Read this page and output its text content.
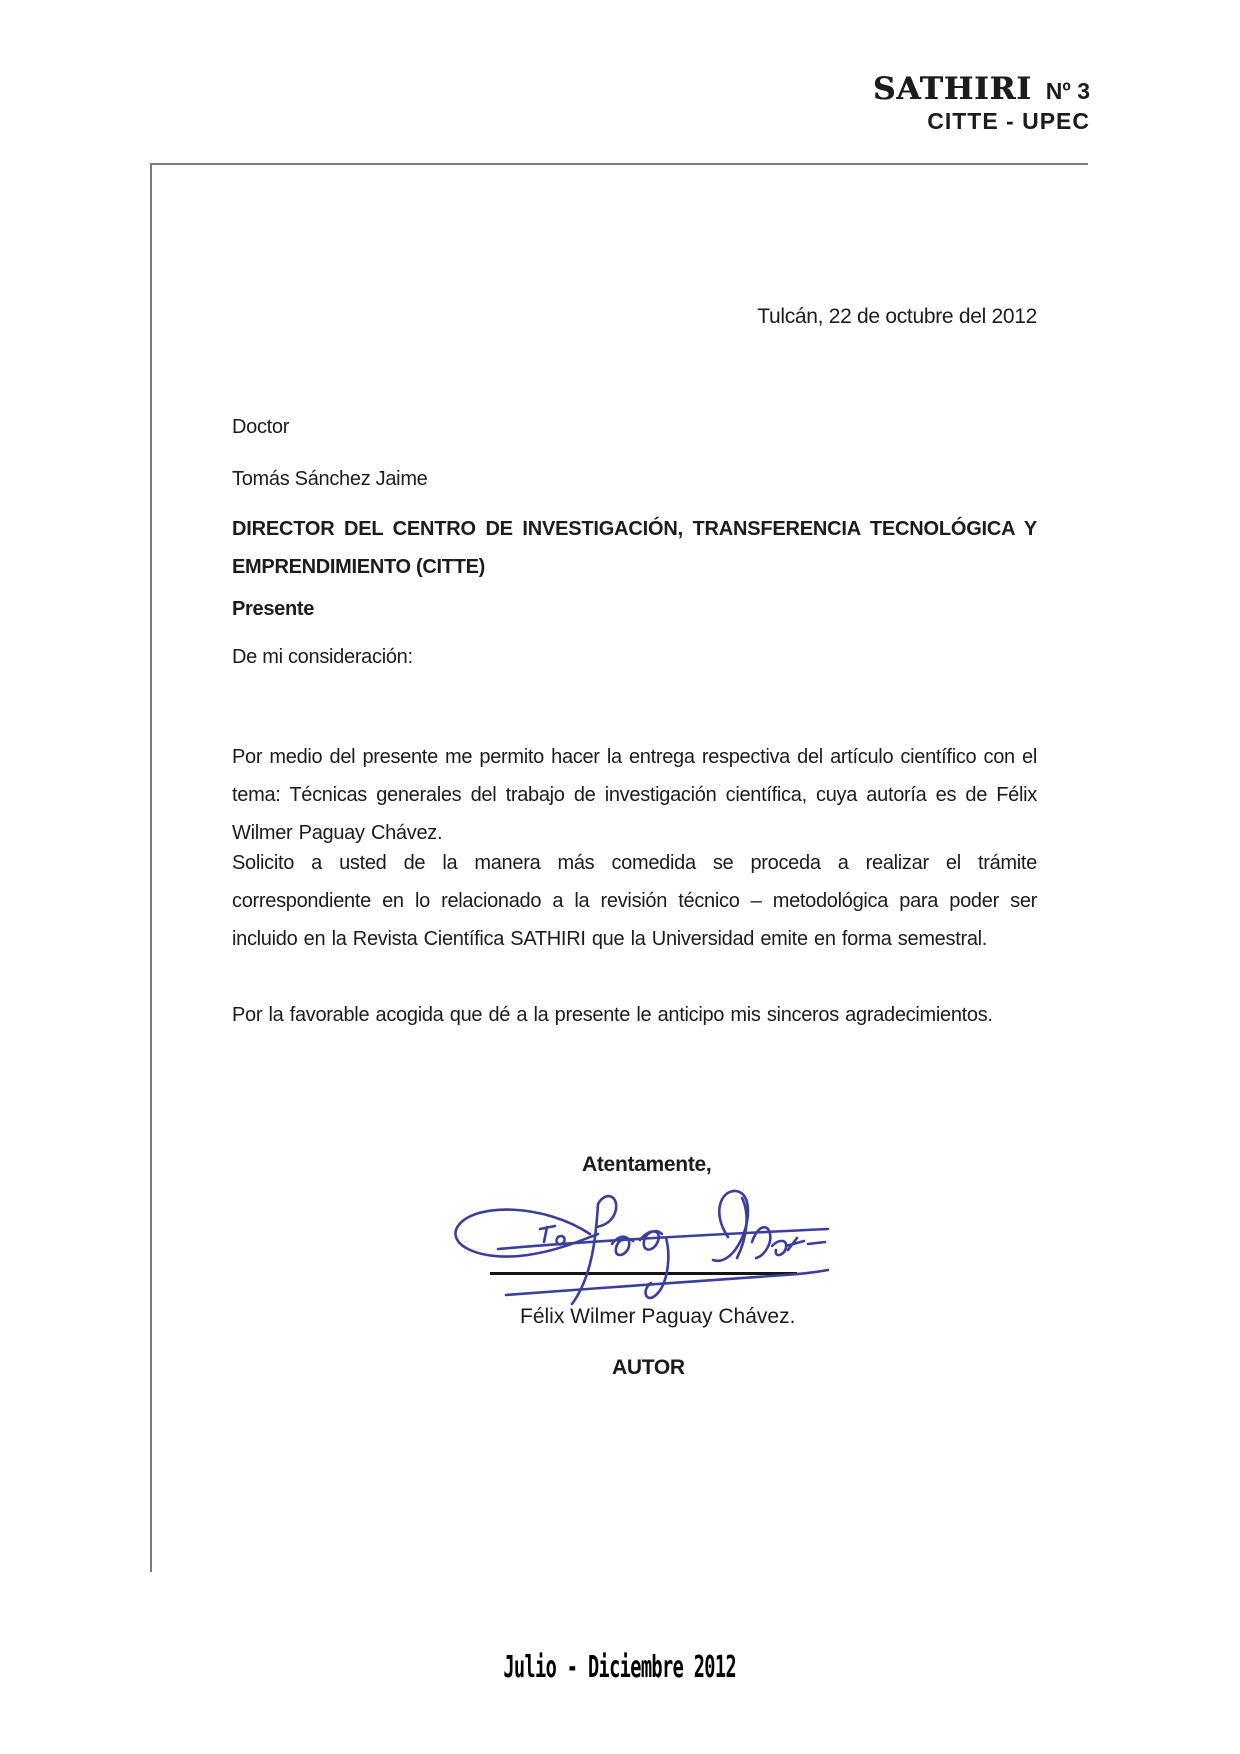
SATHIRI Nº 3
CITTE - UPEC

Tulcán, 22 de octubre del 2012

Doctor

Tomás Sánchez Jaime

DIRECTOR DEL CENTRO DE INVESTIGACIÓN, TRANSFERENCIA TECNOLÓGICA Y

EMPRENDIMIENTO (CITTE)

Presente

De mi consideración:

Por medio del presente me permito hacer la entrega respectiva del artículo científico con el tema: Técnicas generales del trabajo de investigación científica, cuya autoría es de Félix Wilmer Paguay Chávez.

Solicito a usted de la manera más comedida se proceda a realizar el trámite correspondiente en lo relacionado a la revisión técnico – metodológica para poder ser incluido en la Revista Científica SATHIRI que la Universidad emite en forma semestral.

Por la favorable acogida que dé a la presente le anticipo mis sinceros agradecimientos.

Atentamente,

Félix Wilmer Paguay Chávez.

AUTOR

Julio - Diciembre 2012
